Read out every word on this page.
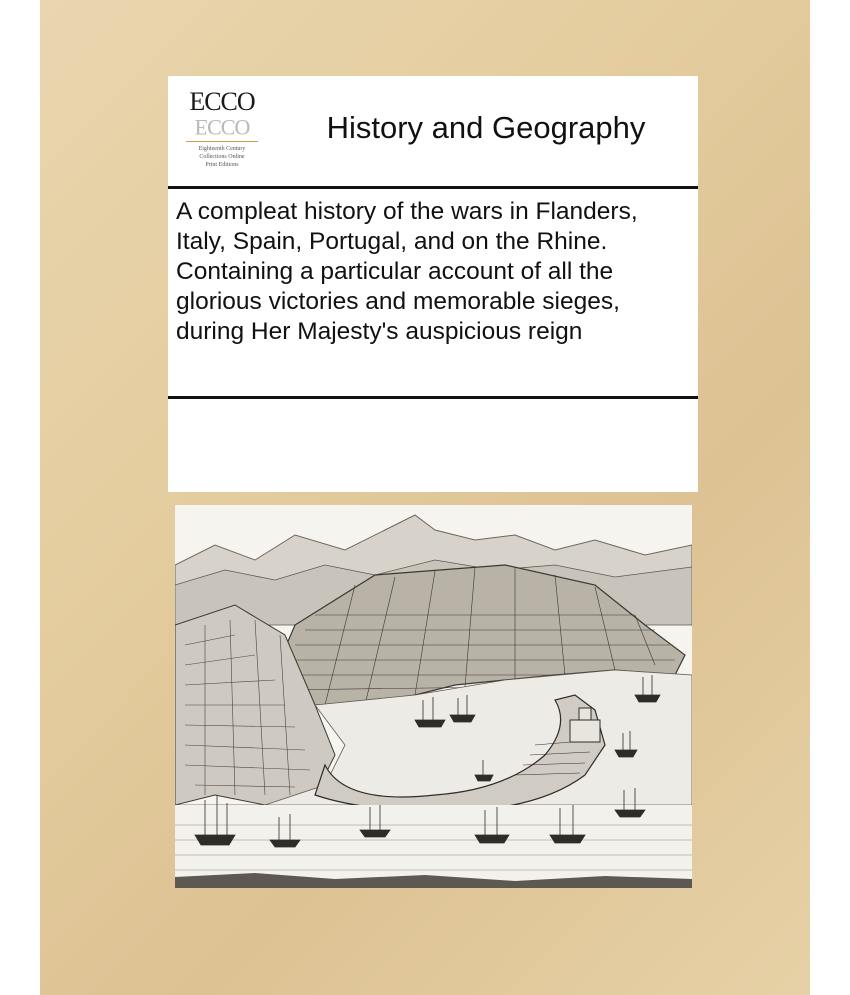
ECCO
ECCO
Eighteenth Century
Collections Online
Print Editions
History and Geography
A compleat history of the wars in Flanders, Italy, Spain, Portugal, and on the Rhine. Containing a particular account of all the glorious victories and memorable sieges, during Her Majesty's auspicious reign
